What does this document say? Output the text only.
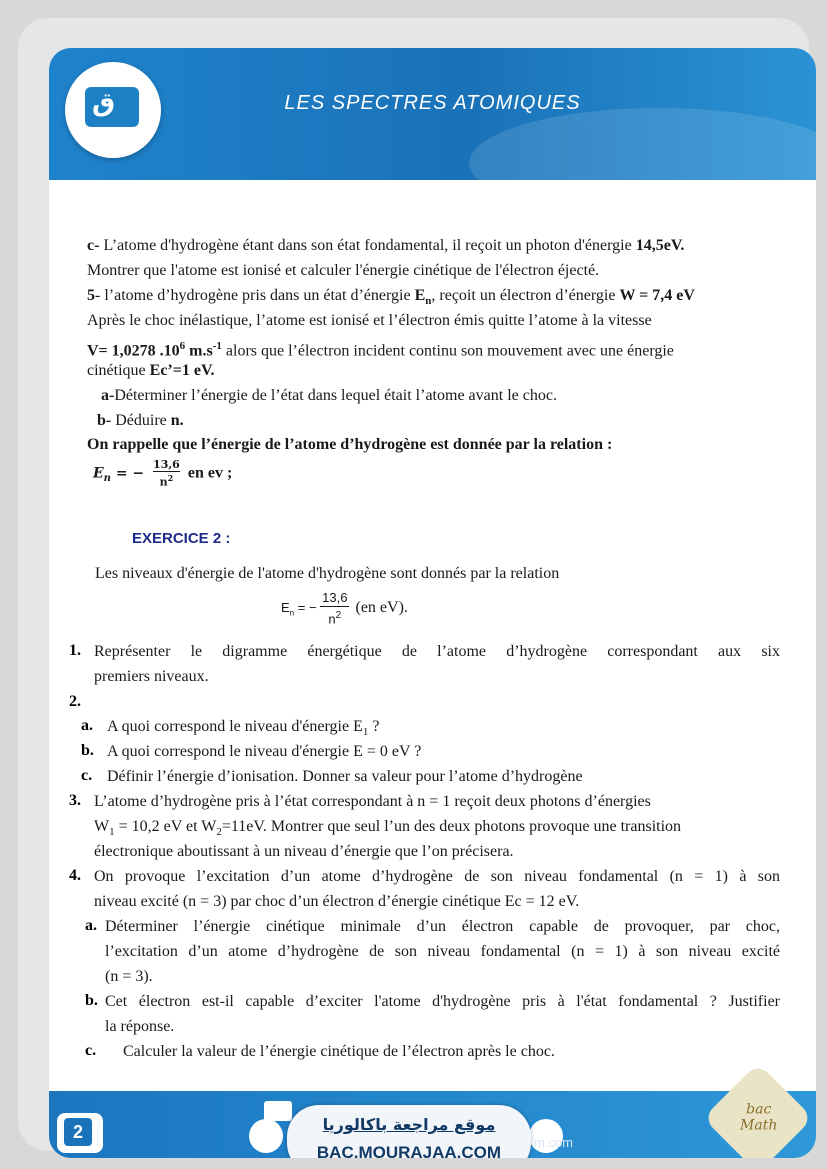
ق	LES SPECTRES ATOMIQUES
c- L’atome d'hydrogène étant dans son état fondamental, il reçoit un photon d'énergie 14,5eV.
Montrer que l'atome est ionisé et calculer l'énergie cinétique de l'électron éjecté.
5- l’atome d’hydrogène pris dans un état d’énergie $E_n$, reçoit un électron d’énergie W = 7,4 eV
Après le choc inélastique, l’atome est ionisé et l’électron émis quitte l’atome à la vitesse
V= 1,0278 $.10^6$ $m.s^{-1}$ alors que l’électron incident continu son mouvement avec une énergie
cinétique Ec’=1 eV.
a-Déterminer l’énergie de l’état dans lequel était l’atome avant le choc.
b- Déduire n.
On rappelle que l’énergie de l’atome d’hydrogène est donnée par la relation :
$E_n$ = − $\frac{13,6}{n^2}$ en ev ;
EXERCICE 2 :
Les niveaux d'énergie de l'atome d'hydrogène sont donnés par la relation
$E_n$ = − $\frac{13,6}{n^2} (en$ eV).
1. Représenter le digramme énergétique de l’atome d’hydrogène correspondant aux six
premiers niveaux.
2.
a. A quoi correspond le niveau d'énergie $E_1$ ?
b. A quoi correspond le niveau d'énergie E = 0 eV ?
c. Définir l’énergie d’ionisation. Donner sa valeur pour l’atome d’hydrogène
3. L’atome d’hydrogène pris à l’état correspondant à n = 1 reçoit deux photons d’énergies
$W_1 = 10,2$ eV et $W_2=11eV$. Montrer que seul l’un des deux photons provoque une transition
électronique aboutissant à un niveau d’énergie que l’on précisera.
4. On provoque l’excitation d’un atome d’hydrogène de son niveau fondamental (n = 1) à son
niveau excité (n = 3) par choc d’un électron d’énergie cinétique Ec = 12 eV.
a. Déterminer l’énergie cinétique minimale d’un électron capable de provoquer, par choc,
l’excitation d’un atome d’hydrogène de son niveau fondamental (n = 1) à son niveau excité
(n = 3).
b. Cet électron est-il capable d’exciter l'atome d'hydrogène pris à l'état fondamental ? Justifier
la réponse.
c. Calculer la valeur de l’énergie cinétique de l’électron après le choc.
2
m.com
موقع مراجعة باكالوريا
BAC.MOURAJAA.COM
bac Math
